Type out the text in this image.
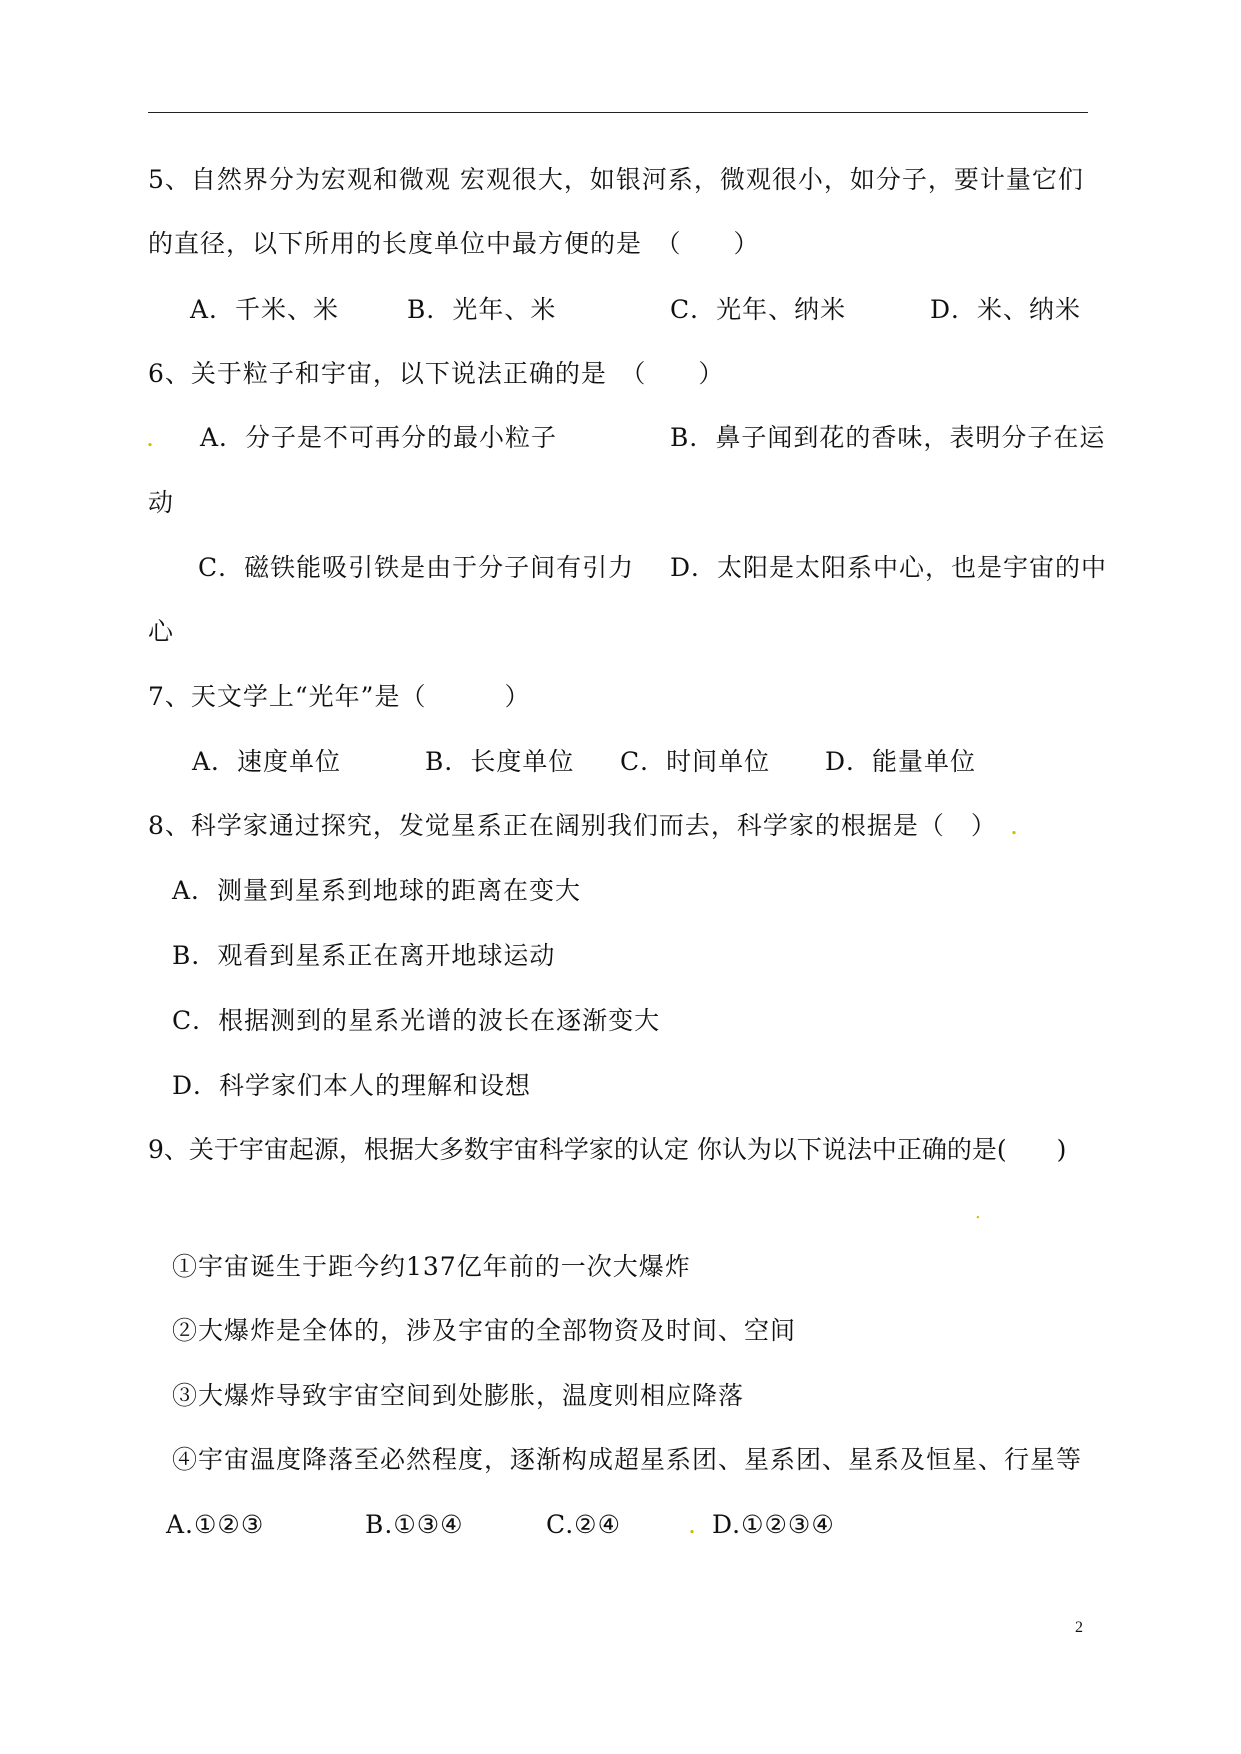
5、自然界分为宏观和微观 宏观很大，如银河系，微观很小，如分子，要计量它们
的直径，以下所用的长度单位中最方便的是　（　　）
A．千米、米	B．光年、米	C．光年、纳米	D．米、纳米
6、关于粒子和宇宙，以下说法正确的是　（　　）
. A．分子是不可再分的最小粒子	B．鼻子闻到花的香味，表明分子在运
动
C．磁铁能吸引铁是由于分子间有引力 D．太阳是太阳系中心，也是宇宙的中
心
7、天文学上“光年”是（　　　）
A．速度单位	B．长度单位 C．时间单位 D．能量单位
8、科学家通过探究，发觉星系正在阔别我们而去，科学家的根据是（　） .
A．测量到星系到地球的距离在变大
B．观看到星系正在离开地球运动
C．根据测到的星系光谱的波长在逐渐变大
D．科学家们本人的理解和设想
9、关于宇宙起源，根据大多数宇宙科学家的认定 你认为以下说法中正确的是(　　)
.
①宇宙诞生于距今约137亿年前的一次大爆炸
②大爆炸是全体的，涉及宇宙的全部物资及时间、空间
③大爆炸导致宇宙空间到处膨胀，温度则相应降落
④宇宙温度降落至必然程度，逐渐构成超星系团、星系团、星系及恒星、行星等
A.①②③	B.①③④	C.②④	. D.①②③④
2
